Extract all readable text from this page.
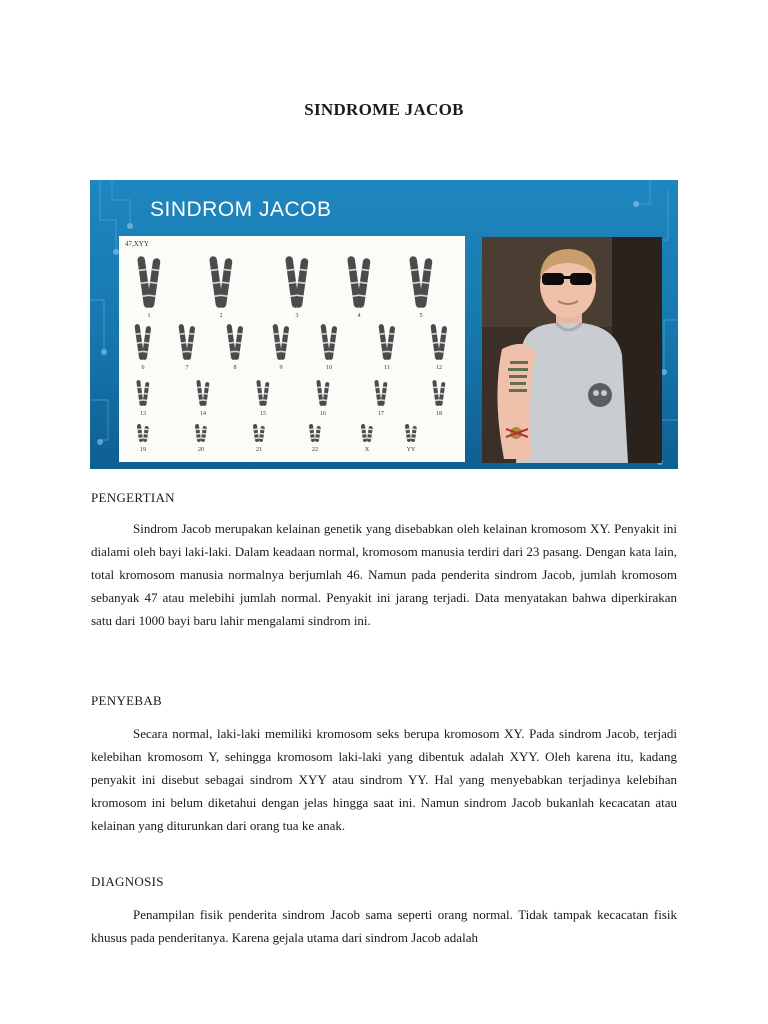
SINDROME JACOB
SINDROM JACOB
47,XYY
1	2	3	4	5
6	7	8	9	10	11	12
13	14	15	16	17	18
19	20	21	22	X	YY
PENGERTIAN

Sindrom Jacob merupakan kelainan genetik yang disebabkan oleh kelainan kromosom XY. Penyakit ini dialami oleh bayi laki-laki. Dalam keadaan normal, kromosom manusia terdiri dari 23 pasang. Dengan kata lain, total kromosom manusia normalnya berjumlah 46. Namun pada penderita sindrom Jacob, jumlah kromosom sebanyak 47 atau melebihi jumlah normal. Penyakit ini jarang terjadi. Data menyatakan bahwa diperkirakan satu dari 1000 bayi baru lahir mengalami sindrom ini.

PENYEBAB

Secara normal, laki-laki memiliki kromosom seks berupa kromosom XY. Pada sindrom Jacob, terjadi kelebihan kromosom Y, sehingga kromosom laki-laki yang dibentuk adalah XYY. Oleh karena itu, kadang penyakit ini disebut sebagai sindrom XYY atau sindrom YY. Hal yang menyebabkan terjadinya kelebihan kromosom ini belum diketahui dengan jelas hingga saat ini. Namun sindrom Jacob bukanlah kecacatan atau kelainan yang diturunkan dari orang tua ke anak.

DIAGNOSIS

Penampilan fisik penderita sindrom Jacob sama seperti orang normal. Tidak tampak kecacatan fisik khusus pada penderitanya. Karena gejala utama dari sindrom Jacob adalah
